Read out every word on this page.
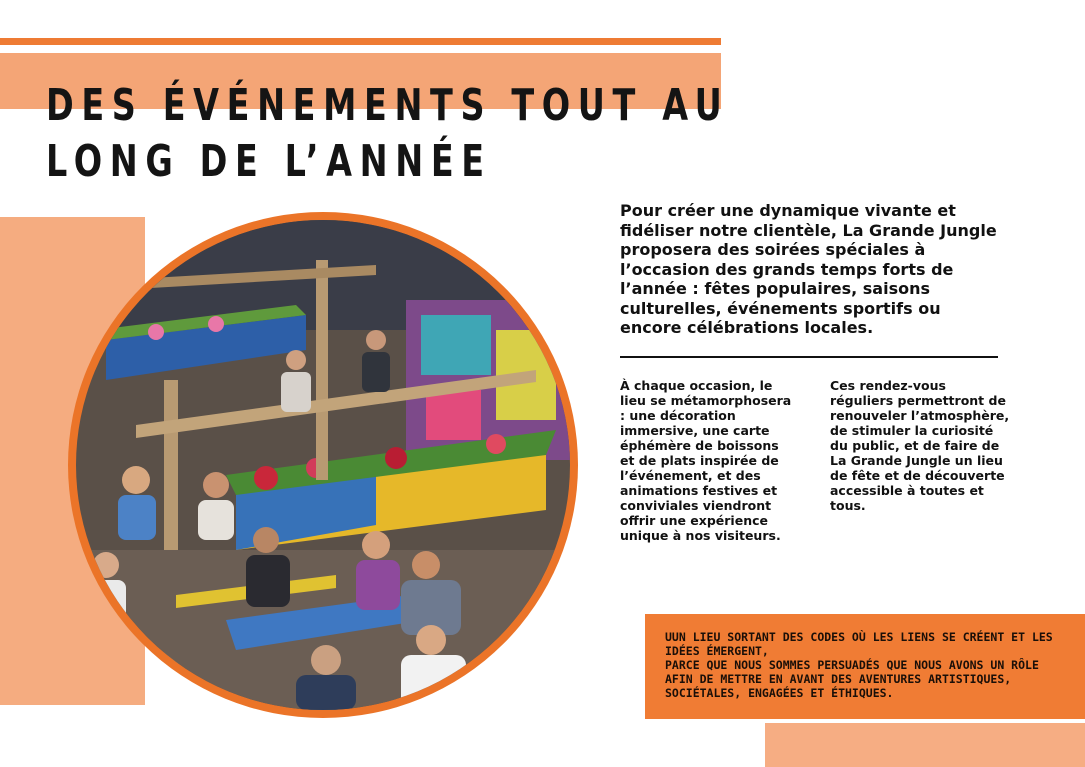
DES ÉVÉNEMENTS TOUT AU
LONG DE L’ANNÉE

Pour créer une dynamique vivante et fidéliser notre clientèle, La Grande Jungle proposera des soirées spéciales à l’occasion des grands temps forts de l’année : fêtes populaires, saisons culturelles, événements sportifs ou encore célébrations locales.

À chaque occasion, le lieu se métamorphosera : une décoration immersive, une carte éphémère de boissons et de plats inspirée de l’événement, et des animations festives et conviviales viendront offrir une expérience unique à nos visiteurs.

Ces rendez-vous réguliers permettront de renouveler l’atmosphère, de stimuler la curiosité du public, et de faire de La Grande Jungle un lieu de fête et de découverte accessible à toutes et tous.

UUN LIEU SORTANT DES CODES OÙ LES LIENS SE CRÉENT ET LES IDÉES ÉMERGENT,
PARCE QUE NOUS SOMMES PERSUADÉS QUE NOUS AVONS UN RÔLE AFIN DE METTRE EN AVANT DES AVENTURES ARTISTIQUES, SOCIÉTALES, ENGAGÉES ET ÉTHIQUES.
